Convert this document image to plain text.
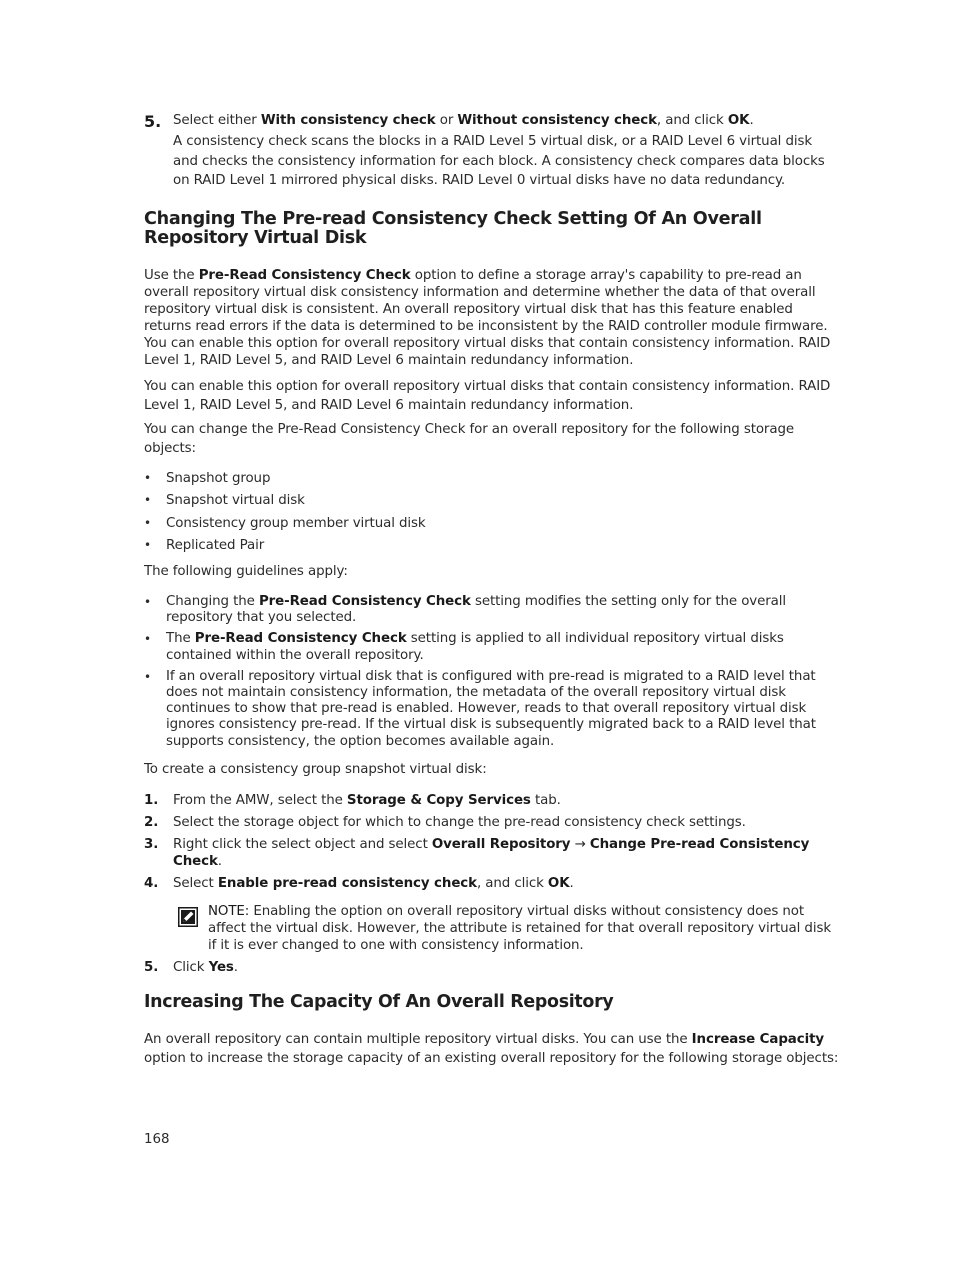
5. Select either With consistency check or Without consistency check, and click OK.

A consistency check scans the blocks in a RAID Level 5 virtual disk, or a RAID Level 6 virtual disk and checks the consistency information for each block. A consistency check compares data blocks on RAID Level 1 mirrored physical disks. RAID Level 0 virtual disks have no data redundancy.

Changing The Pre-read Consistency Check Setting Of An Overall Repository Virtual Disk

Use the Pre-Read Consistency Check option to define a storage array's capability to pre-read an overall repository virtual disk consistency information and determine whether the data of that overall repository virtual disk is consistent. An overall repository virtual disk that has this feature enabled returns read errors if the data is determined to be inconsistent by the RAID controller module firmware. You can enable this option for overall repository virtual disks that contain consistency information. RAID Level 1, RAID Level 5, and RAID Level 6 maintain redundancy information.

You can enable this option for overall repository virtual disks that contain consistency information. RAID Level 1, RAID Level 5, and RAID Level 6 maintain redundancy information.

You can change the Pre-Read Consistency Check for an overall repository for the following storage objects:

• Snapshot group
• Snapshot virtual disk
• Consistency group member virtual disk
• Replicated Pair

The following guidelines apply:

• Changing the Pre-Read Consistency Check setting modifies the setting only for the overall repository that you selected.
• The Pre-Read Consistency Check setting is applied to all individual repository virtual disks contained within the overall repository.
• If an overall repository virtual disk that is configured with pre-read is migrated to a RAID level that does not maintain consistency information, the metadata of the overall repository virtual disk continues to show that pre-read is enabled. However, reads to that overall repository virtual disk ignores consistency pre-read. If the virtual disk is subsequently migrated back to a RAID level that supports consistency, the option becomes available again.

To create a consistency group snapshot virtual disk:

1. From the AMW, select the Storage & Copy Services tab.
2. Select the storage object for which to change the pre-read consistency check settings.
3. Right click the select object and select Overall Repository → Change Pre-read Consistency Check.
4. Select Enable pre-read consistency check, and click OK.

NOTE: Enabling the option on overall repository virtual disks without consistency does not affect the virtual disk. However, the attribute is retained for that overall repository virtual disk if it is ever changed to one with consistency information.

5. Click Yes.
Increasing The Capacity Of An Overall Repository

An overall repository can contain multiple repository virtual disks. You can use the Increase Capacity option to increase the storage capacity of an existing overall repository for the following storage objects:

168
